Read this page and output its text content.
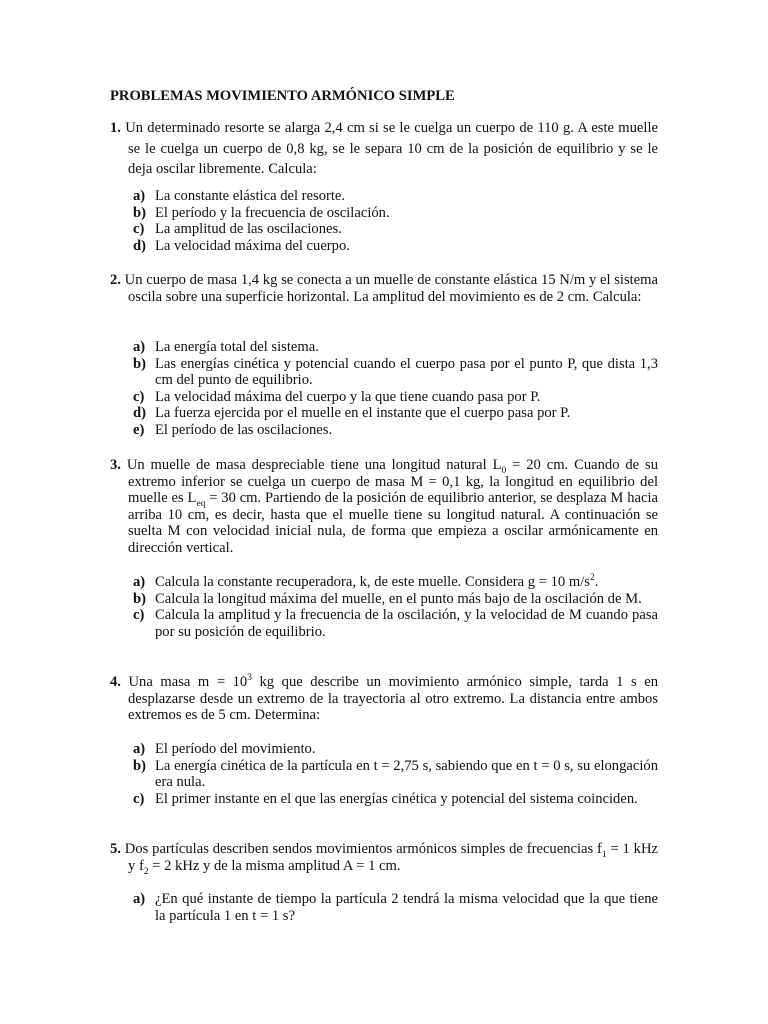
PROBLEMAS MOVIMIENTO ARMÓNICO SIMPLE
1. Un determinado resorte se alarga 2,4 cm si se le cuelga un cuerpo de 110 g. A este muelle se le cuelga un cuerpo de 0,8 kg, se le separa 10 cm de la posición de equilibrio y se le deja oscilar libremente. Calcula:
a) La constante elástica del resorte.
b) El período y la frecuencia de oscilación.
c) La amplitud de las oscilaciones.
d) La velocidad máxima del cuerpo.
2. Un cuerpo de masa 1,4 kg se conecta a un muelle de constante elástica 15 N/m y el sistema oscila sobre una superficie horizontal. La amplitud del movimiento es de 2 cm. Calcula:
a) La energía total del sistema.
b) Las energías cinética y potencial cuando el cuerpo pasa por el punto P, que dista 1,3 cm del punto de equilibrio.
c) La velocidad máxima del cuerpo y la que tiene cuando pasa por P.
d) La fuerza ejercida por el muelle en el instante que el cuerpo pasa por P.
e) El período de las oscilaciones.
3. Un muelle de masa despreciable tiene una longitud natural $L_0 = 20$ cm. Cuando de su extremo inferior se cuelga un cuerpo de masa M = 0,1 kg, la longitud en equilibrio del muelle es $L_{eq} = 30$ cm. Partiendo de la posición de equilibrio anterior, se desplaza M hacia arriba 10 cm, es decir, hasta que el muelle tiene su longitud natural. A continuación se suelta M con velocidad inicial nula, de forma que empieza a oscilar armónicamente en dirección vertical.
a) Calcula la constante recuperadora, k, de este muelle. Considera g = 10 $m/s^2$.
b) Calcula la longitud máxima del muelle, en el punto más bajo de la oscilación de M.
c) Calcula la amplitud y la frecuencia de la oscilación, y la velocidad de M cuando pasa por su posición de equilibrio.
4. Una masa $m = 10^3$ kg que describe un movimiento armónico simple, tarda 1 s en desplazarse desde un extremo de la trayectoria al otro extremo. La distancia entre ambos extremos es de 5 cm. Determina:
a) El período del movimiento.
b) La energía cinética de la partícula en t = 2,75 s, sabiendo que en t = 0 s, su elongación era nula.
c) El primer instante en el que las energías cinética y potencial del sistema coinciden.
5. Dos partículas describen sendos movimientos armónicos simples de frecuencias $f_1 = 1$ kHz y $f_2 = 2$ kHz y de la misma amplitud A = 1 cm.
a) ¿En qué instante de tiempo la partícula 2 tendrá la misma velocidad que la que tiene la partícula 1 en t = 1 s?
